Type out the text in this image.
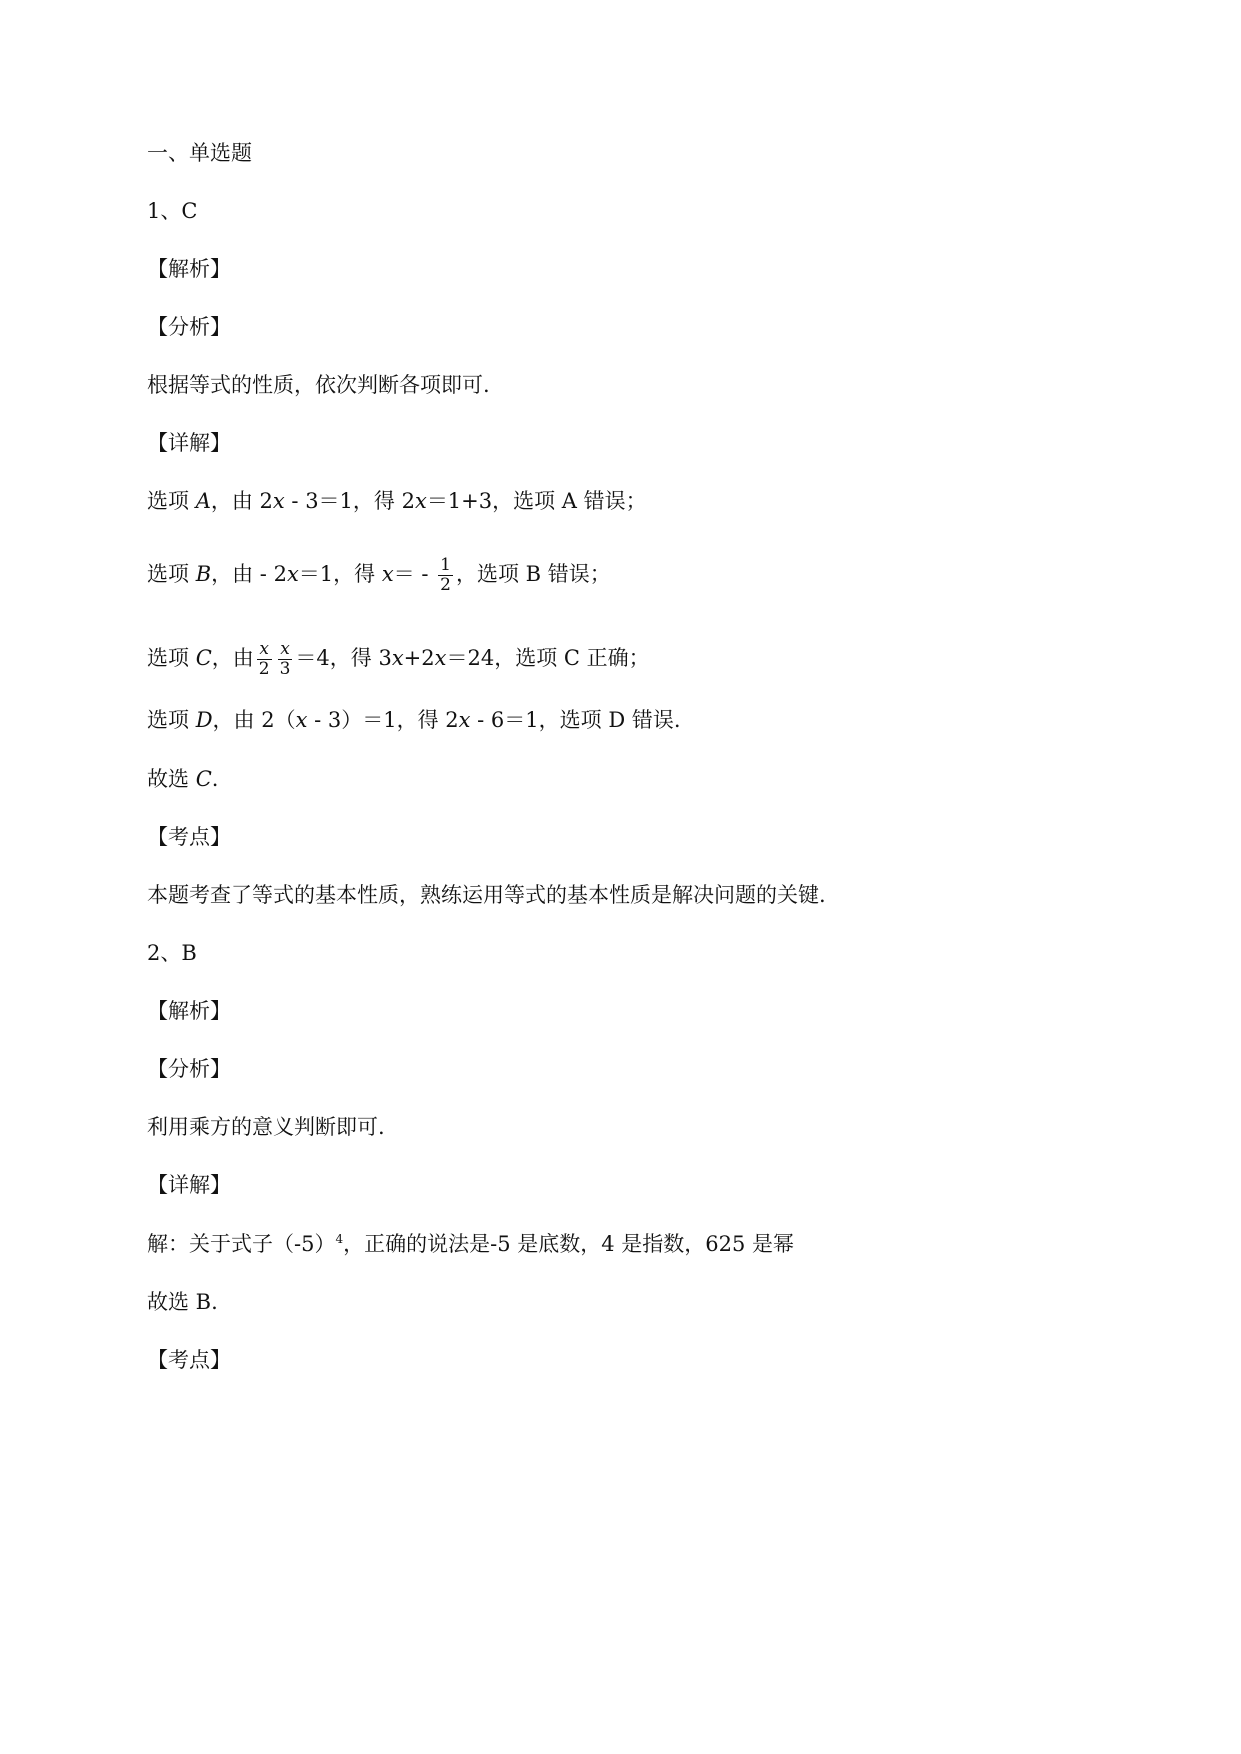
一、单选题
1、C
【解析】
【分析】
根据等式的性质，依次判断各项即可.
【详解】
选项 A，由 2x - 3＝1，得 2x＝1+3，选项 A 错误；
选项 B，由 - 2x＝1，得 $x= - \frac{1}{2}$ ，选项 B 错误；
选项 C，由 $\frac{x}{2} \frac{x}{3} =4$，得 3x+2x＝24，选项 C 正确；
选项 D，由 2（x - 3）＝1，得 2x - 6＝1，选项 D 错误.
故选 C.
【考点】
本题考查了等式的基本性质，熟练运用等式的基本性质是解决问题的关键.
2、B
【解析】
【分析】
利用乘方的意义判断即可.
【详解】
解：关于式子$(-5)^4$，正确的说法是-5 是底数，4 是指数，625 是幂
故选 B.
【考点】
